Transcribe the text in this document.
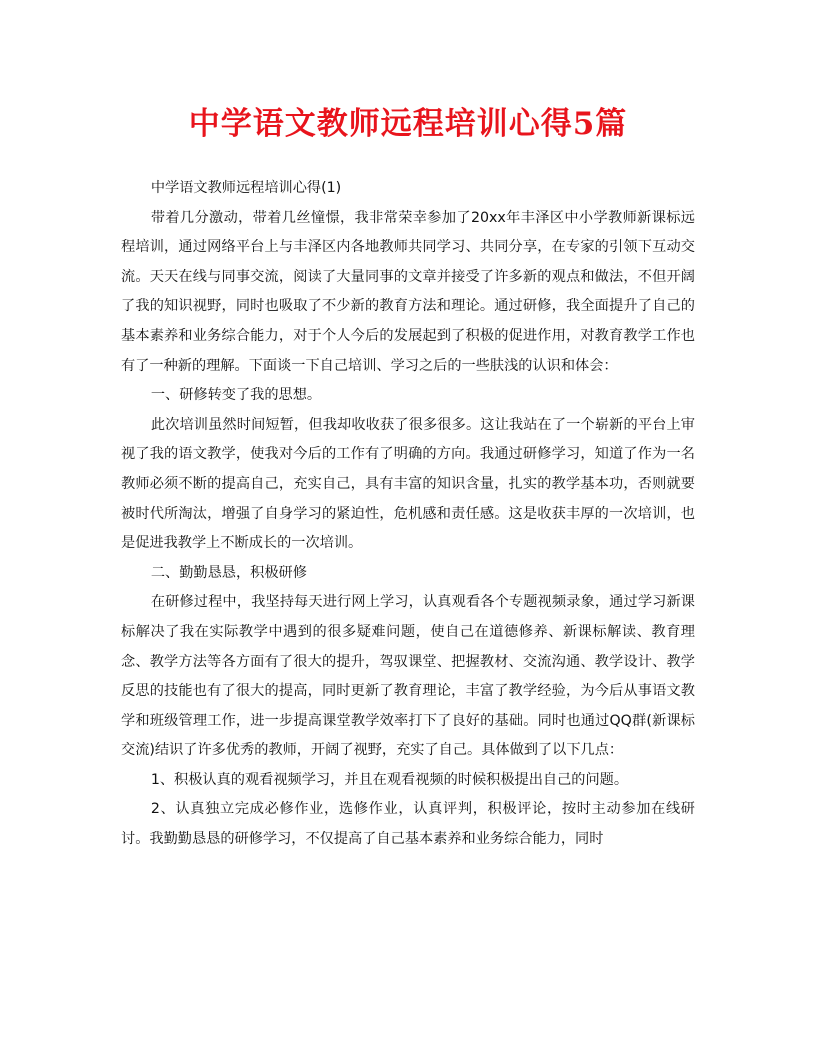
中学语文教师远程培训心得5篇

中学语文教师远程培训心得(1)

带着几分激动，带着几丝憧憬，我非常荣幸参加了20xx年丰泽区中小学教师新课标远程培训，通过网络平台上与丰泽区内各地教师共同学习、共同分享，在专家的引领下互动交流。天天在线与同事交流，阅读了大量同事的文章并接受了许多新的观点和做法，不但开阔了我的知识视野，同时也吸取了不少新的教育方法和理论。通过研修，我全面提升了自己的基本素养和业务综合能力，对于个人今后的发展起到了积极的促进作用，对教育教学工作也有了一种新的理解。下面谈一下自己培训、学习之后的一些肤浅的认识和体会：

一、研修转变了我的思想。

此次培训虽然时间短暂，但我却收收获了很多很多。这让我站在了一个崭新的平台上审视了我的语文教学，使我对今后的工作有了明确的方向。我通过研修学习，知道了作为一名教师必须不断的提高自己，充实自己，具有丰富的知识含量，扎实的教学基本功，否则就要被时代所淘汰，增强了自身学习的紧迫性，危机感和责任感。这是收获丰厚的一次培训，也是促进我教学上不断成长的一次培训。

二、勤勤恳恳，积极研修

在研修过程中，我坚持每天进行网上学习，认真观看各个专题视频录象，通过学习新课标解决了我在实际教学中遇到的很多疑难问题，使自己在道德修养、新课标解读、教育理念、教学方法等各方面有了很大的提升，驾驭课堂、把握教材、交流沟通、教学设计、教学反思的技能也有了很大的提高，同时更新了教育理论，丰富了教学经验，为今后从事语文教学和班级管理工作，进一步提高课堂教学效率打下了良好的基础。同时也通过QQ群(新课标交流)结识了许多优秀的教师，开阔了视野，充实了自己。具体做到了以下几点：

1、积极认真的观看视频学习，并且在观看视频的时候积极提出自己的问题。

2、认真独立完成必修作业，选修作业，认真评判，积极评论，按时主动参加在线研讨。我勤勤恳恳的研修学习，不仅提高了自己基本素养和业务综合能力，同时
